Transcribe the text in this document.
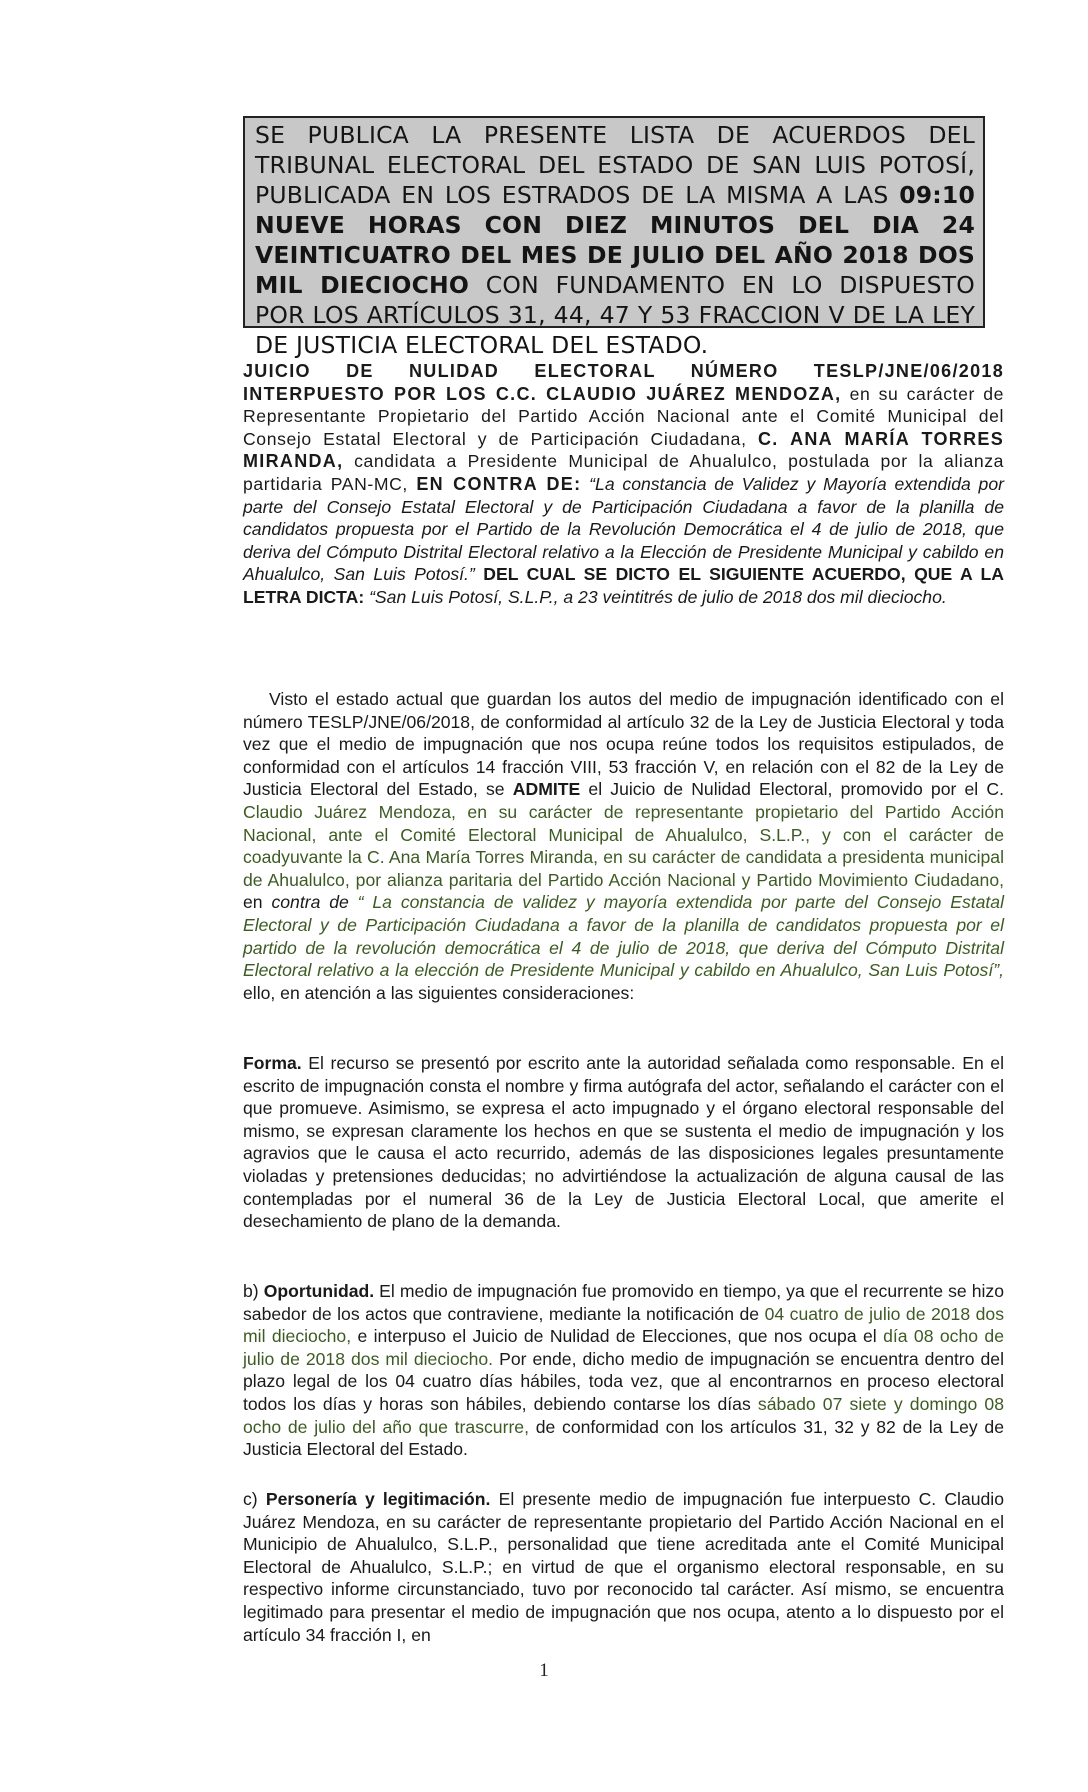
SE PUBLICA LA PRESENTE LISTA DE ACUERDOS DEL TRIBUNAL ELECTORAL DEL ESTADO DE SAN LUIS POTOSÍ, PUBLICADA EN LOS ESTRADOS DE LA MISMA A LAS 09:10 NUEVE HORAS CON DIEZ MINUTOS DEL DIA 24 VEINTICUATRO DEL MES DE JULIO DEL AÑO 2018 DOS MIL DIECIOCHO CON FUNDAMENTO EN LO DISPUESTO POR LOS ARTÍCULOS 31, 44, 47 Y 53 FRACCION V DE LA LEY DE JUSTICIA ELECTORAL DEL ESTADO.
JUICIO DE NULIDAD ELECTORAL NÚMERO TESLP/JNE/06/2018 INTERPUESTO POR LOS C.C. CLAUDIO JUÁREZ MENDOZA, en su carácter de Representante Propietario del Partido Acción Nacional ante el Comité Municipal del Consejo Estatal Electoral y de Participación Ciudadana, C. ANA MARÍA TORRES MIRANDA, candidata a Presidente Municipal de Ahualulco, postulada por la alianza partidaria PAN-MC, EN CONTRA DE: “La constancia de Validez y Mayoría extendida por parte del Consejo Estatal Electoral y de Participación Ciudadana a favor de la planilla de candidatos propuesta por el Partido de la Revolución Democrática el 4 de julio de 2018, que deriva del Cómputo Distrital Electoral relativo a la Elección de Presidente Municipal y cabildo en Ahualulco, San Luis Potosí.” DEL CUAL SE DICTO EL SIGUIENTE ACUERDO, QUE A LA LETRA DICTA: “San Luis Potosí, S.L.P., a 23 veintitrés de julio de 2018 dos mil dieciocho.
Visto el estado actual que guardan los autos del medio de impugnación identificado con el número TESLP/JNE/06/2018, de conformidad al artículo 32 de la Ley de Justicia Electoral y toda vez que el medio de impugnación que nos ocupa reúne todos los requisitos estipulados, de conformidad con el artículos 14 fracción VIII, 53 fracción V, en relación con el 82 de la Ley de Justicia Electoral del Estado, se ADMITE el Juicio de Nulidad Electoral, promovido por el C. Claudio Juárez Mendoza, en su carácter de representante propietario del Partido Acción Nacional, ante el Comité Electoral Municipal de Ahualulco, S.L.P., y con el carácter de coadyuvante la C. Ana María Torres Miranda, en su carácter de candidata a presidenta municipal de Ahualulco, por alianza paritaria del Partido Acción Nacional y Partido Movimiento Ciudadano, en contra de “ La constancia de validez y mayoría extendida por parte del Consejo Estatal Electoral y de Participación Ciudadana a favor de la planilla de candidatos propuesta por el partido de la revolución democrática el 4 de julio de 2018, que deriva del Cómputo Distrital Electoral relativo a la elección de Presidente Municipal y cabildo en Ahualulco, San Luis Potosí”, ello, en atención a las siguientes consideraciones:
Forma. El recurso se presentó por escrito ante la autoridad señalada como responsable. En el escrito de impugnación consta el nombre y firma autógrafa del actor, señalando el carácter con el que promueve. Asimismo, se expresa el acto impugnado y el órgano electoral responsable del mismo, se expresan claramente los hechos en que se sustenta el medio de impugnación y los agravios que le causa el acto recurrido, además de las disposiciones legales presuntamente violadas y pretensiones deducidas; no advirtiéndose la actualización de alguna causal de las contempladas por el numeral 36 de la Ley de Justicia Electoral Local, que amerite el desechamiento de plano de la demanda.
b) Oportunidad. El medio de impugnación fue promovido en tiempo, ya que el recurrente se hizo sabedor de los actos que contraviene, mediante la notificación de 04 cuatro de julio de 2018 dos mil dieciocho, e interpuso el Juicio de Nulidad de Elecciones, que nos ocupa el día 08 ocho de julio de 2018 dos mil dieciocho. Por ende, dicho medio de impugnación se encuentra dentro del plazo legal de los 04 cuatro días hábiles, toda vez, que al encontrarnos en proceso electoral todos los días y horas son hábiles, debiendo contarse los días sábado 07 siete y domingo 08 ocho de julio del año que trascurre, de conformidad con los artículos 31, 32 y 82 de la Ley de Justicia Electoral del Estado.
c) Personería y legitimación. El presente medio de impugnación fue interpuesto C. Claudio Juárez Mendoza, en su carácter de representante propietario del Partido Acción Nacional en el Municipio de Ahualulco, S.L.P., personalidad que tiene acreditada ante el Comité Municipal Electoral de Ahualulco, S.L.P.; en virtud de que el organismo electoral responsable, en su respectivo informe circunstanciado, tuvo por reconocido tal carácter. Así mismo, se encuentra legitimado para presentar el medio de impugnación que nos ocupa, atento a lo dispuesto por el artículo 34 fracción I, en
1
